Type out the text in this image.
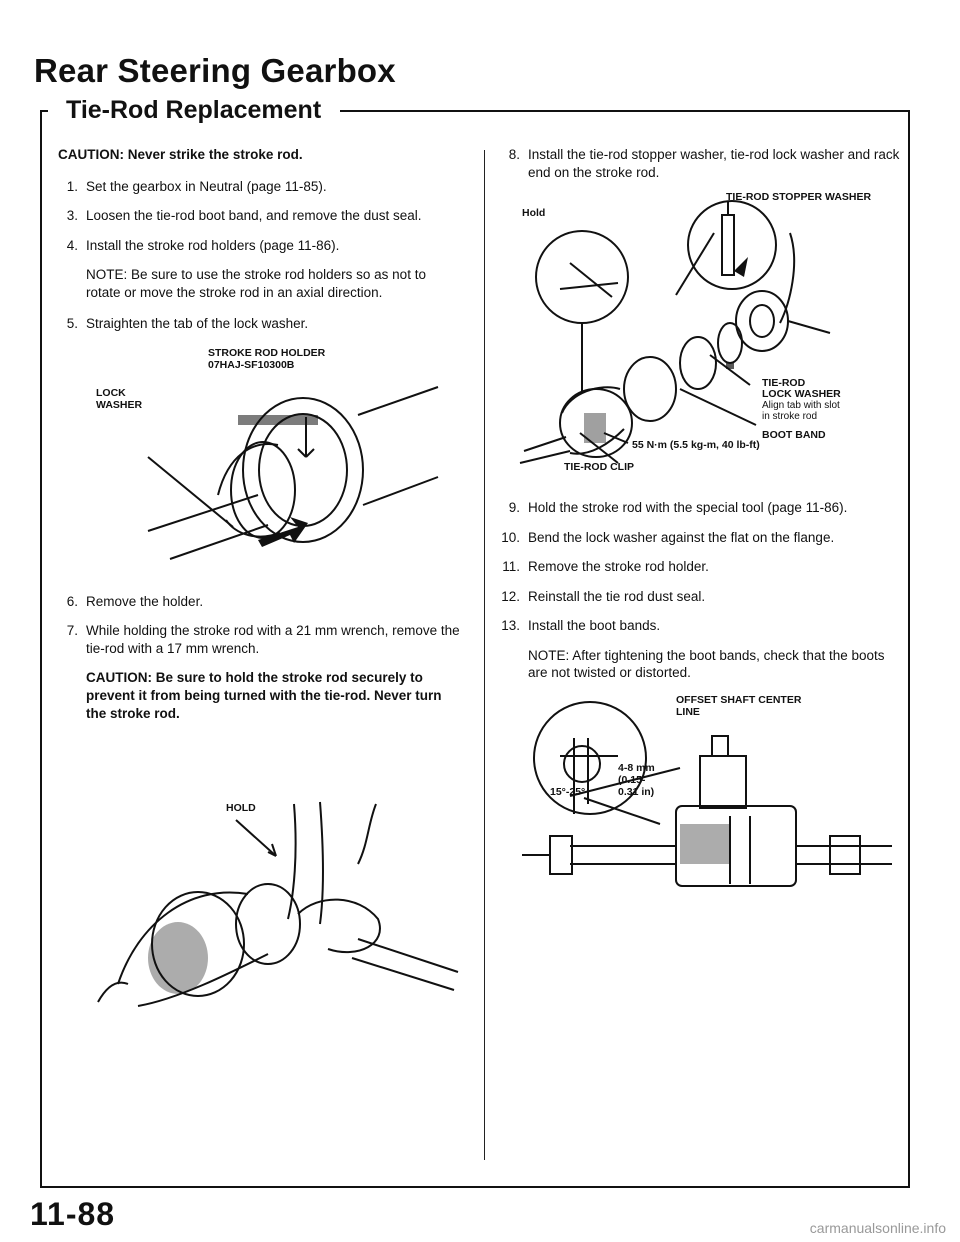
Rear Steering Gearbox
Tie-Rod Replacement

CAUTION: Never strike the stroke rod.

1. Set the gearbox in Neutral (page 11-85).
3. Loosen the tie-rod boot band, and remove the dust seal.
4. Install the stroke rod holders (page 11-86).

NOTE: Be sure to use the stroke rod holders so as not to rotate or move the stroke rod in an axial direction.

5. Straighten the tab of the lock washer.
STROKE ROD HOLDER
07HAJ-SF10300B
LOCK
WASHER
6. Remove the holder.
7. While holding the stroke rod with a 21 mm wrench, remove the tie-rod with a 17 mm wrench.

CAUTION: Be sure to hold the stroke rod securely to prevent it from being turned with the tie-rod. Never turn the stroke rod.

HOLD
8. Install the tie-rod stopper washer, tie-rod lock washer and rack end on the stroke rod.
TIE-ROD STOPPER WASHER
Hold
TIE-ROD
LOCK WASHER
Align tab with slot
in stroke rod
BOOT BAND
55 N·m (5.5 kg-m, 40 lb-ft)
TIE-ROD CLIP
9. Hold the stroke rod with the special tool (page 11-86).
10. Bend the lock washer against the flat on the flange.
11. Remove the stroke rod holder.
12. Reinstall the tie rod dust seal.
13. Install the boot bands.

NOTE: After tightening the boot bands, check that the boots are not twisted or distorted.

OFFSET SHAFT CENTER
LINE
4-8 mm
(0.15-
0.31 in)
15°-25°
11-88	carmanualsonline.info
